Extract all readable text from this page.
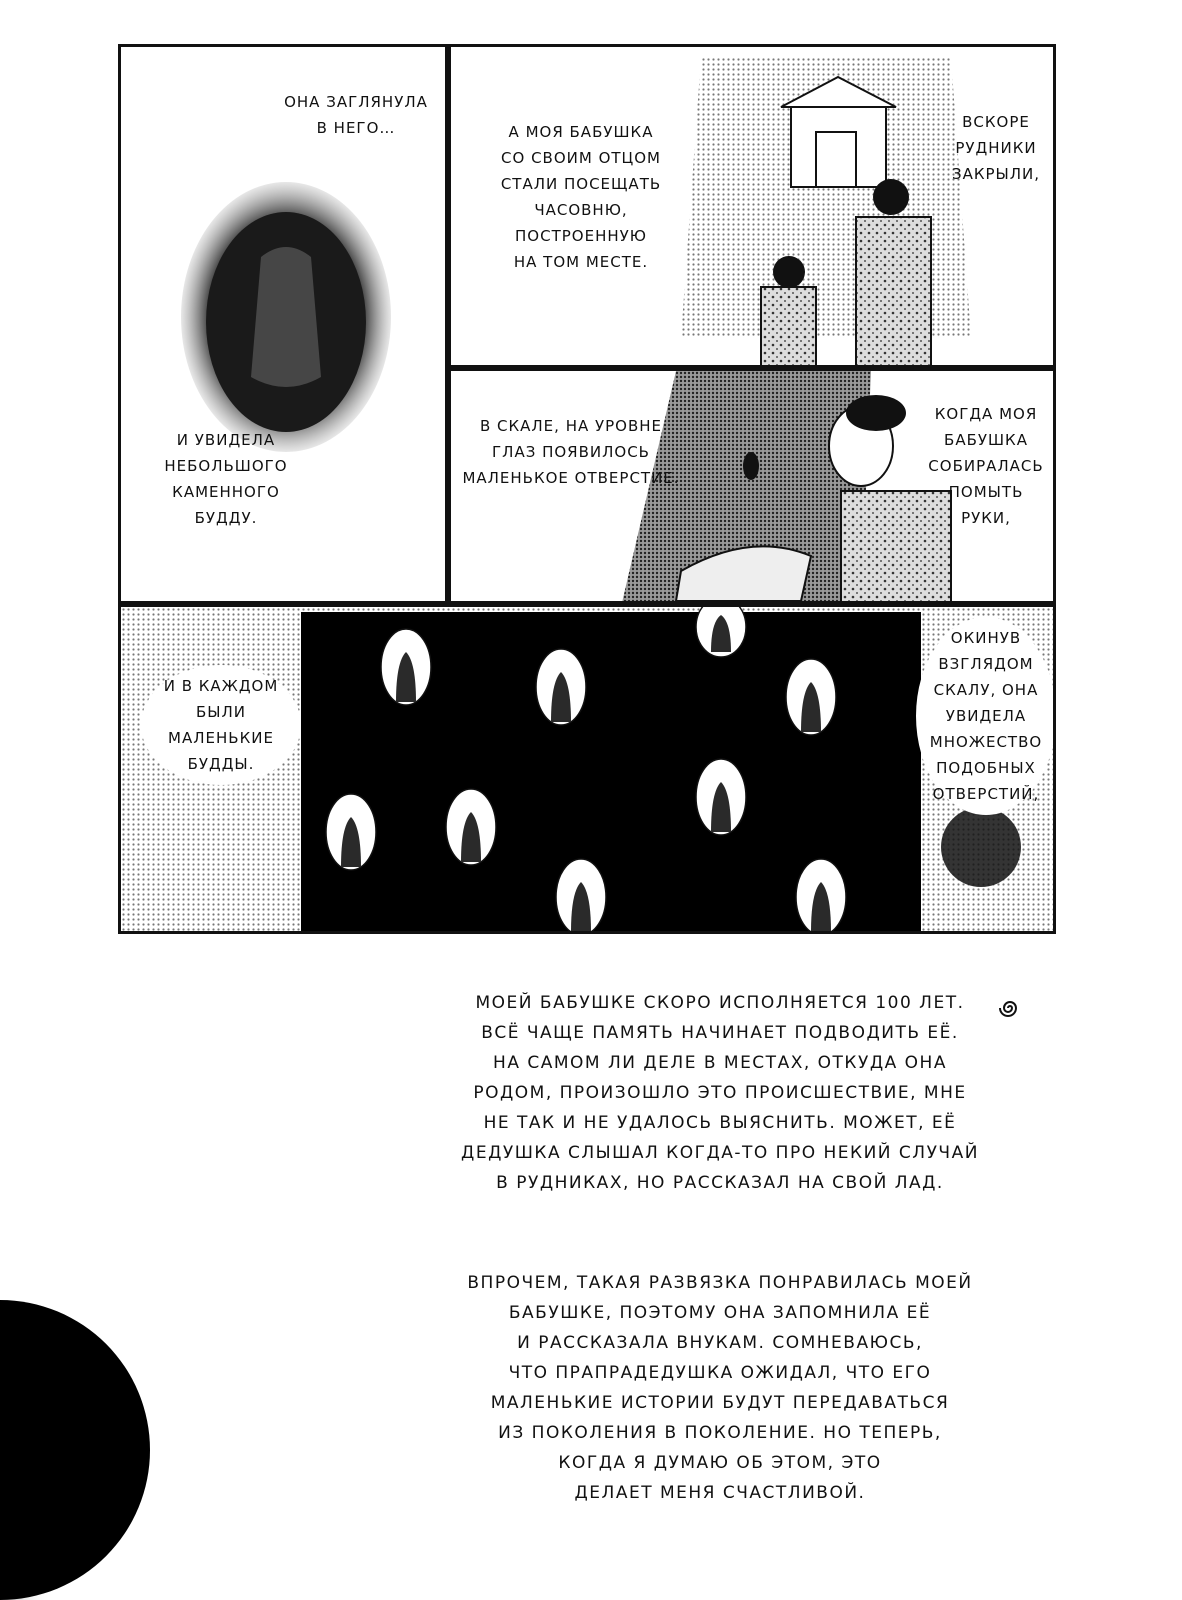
ОНА ЗАГЛЯНУЛА
В НЕГО…
И УВИДЕЛА
НЕБОЛЬШОГО
КАМЕННОГО
БУДДУ.
А МОЯ БАБУШКА
СО СВОИМ ОТЦОМ
СТАЛИ ПОСЕЩАТЬ
ЧАСОВНЮ,
ПОСТРОЕННУЮ
НА ТОМ МЕСТЕ.
ВСКОРЕ
РУДНИКИ
ЗАКРЫЛИ,
В СКАЛЕ, НА УРОВНЕ
ГЛАЗ ПОЯВИЛОСЬ
МАЛЕНЬКОЕ ОТВЕРСТИЕ.
КОГДА МОЯ
БАБУШКА
СОБИРАЛАСЬ
ПОМЫТЬ РУКИ,
И В КАЖДОМ
БЫЛИ МАЛЕНЬКИЕ
БУДДЫ.
ОКИНУВ
ВЗГЛЯДОМ
СКАЛУ, ОНА
УВИДЕЛА
МНОЖЕСТВО
ПОДОБНЫХ
ОТВЕРСТИЙ,
МОЕЙ БАБУШКЕ СКОРО ИСПОЛНЯЕТСЯ 100 ЛЕТ.
ВСЁ ЧАЩЕ ПАМЯТЬ НАЧИНАЕТ ПОДВОДИТЬ ЕЁ.
НА САМОМ ЛИ ДЕЛЕ В МЕСТАХ, ОТКУДА ОНА
РОДОМ, ПРОИЗОШЛО ЭТО ПРОИСШЕСТВИЕ, МНЕ
НЕ ТАК И НЕ УДАЛОСЬ ВЫЯСНИТЬ. МОЖЕТ, ЕЁ
ДЕДУШКА СЛЫШАЛ КОГДА-ТО ПРО НЕКИЙ СЛУЧАЙ
В РУДНИКАХ, НО РАССКАЗАЛ НА СВОЙ ЛАД.
ВПРОЧЕМ, ТАКАЯ РАЗВЯЗКА ПОНРАВИЛАСЬ МОЕЙ
БАБУШКЕ, ПОЭТОМУ ОНА ЗАПОМНИЛА ЕЁ
И РАССКАЗАЛА ВНУКАМ. СОМНЕВАЮСЬ,
ЧТО ПРАПРАДЕДУШКА ОЖИДАЛ, ЧТО ЕГО
МАЛЕНЬКИЕ ИСТОРИИ БУДУТ ПЕРЕДАВАТЬСЯ
ИЗ ПОКОЛЕНИЯ В ПОКОЛЕНИЕ. НО ТЕПЕРЬ,
КОГДА Я ДУМАЮ ОБ ЭТОМ, ЭТО
ДЕЛАЕТ МЕНЯ СЧАСТЛИВОЙ.
